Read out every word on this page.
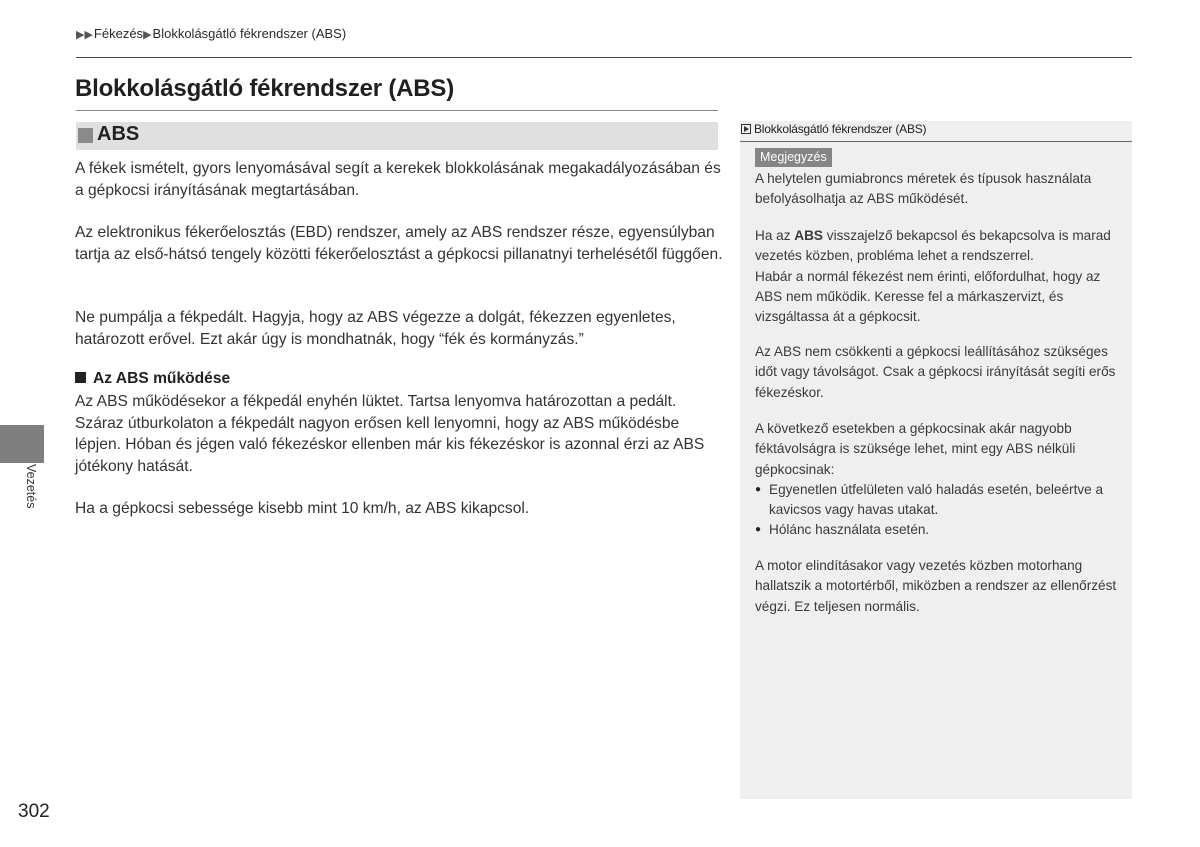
▶▶Fékezés▶Blokkolásgátló fékrendszer (ABS)
Blokkolásgátló fékrendszer (ABS)
ABS
A fékek ismételt, gyors lenyomásával segít a kerekek blokkolásának megakadályozásában és a gépkocsi irányításának megtartásában.
Az elektronikus fékerőelosztás (EBD) rendszer, amely az ABS rendszer része, egyensúlyban tartja az első-hátsó tengely közötti fékerőelosztást a gépkocsi pillanatnyi terhelésétől függően.
Ne pumpálja a fékpedált. Hagyja, hogy az ABS végezze a dolgát, fékezzen egyenletes, határozott erővel. Ezt akár úgy is mondhatnák, hogy “fék és kormányzás.”
Az ABS működése
Az ABS működésekor a fékpedál enyhén lüktet. Tartsa lenyomva határozottan a pedált. Száraz útburkolaton a fékpedált nagyon erősen kell lenyomni, hogy az ABS működésbe lépjen. Hóban és jégen való fékezéskor ellenben már kis fékezéskor is azonnal érzi az ABS jótékony hatását.
Ha a gépkocsi sebessége kisebb mint 10 km/h, az ABS kikapcsol.
Vezetés
302
Blokkolásgátló fékrendszer (ABS)
Megjegyzés
A helytelen gumiabroncs méretek és típusok használata befolyásolhatja az ABS működését.

Ha az ABS visszajelző bekapcsol és bekapcsolva is marad vezetés közben, probléma lehet a rendszerrel.

Habár a normál fékezést nem érinti, előfordulhat, hogy az ABS nem működik. Keresse fel a márkaszervizt, és vizsgáltassa át a gépkocsit.

Az ABS nem csökkenti a gépkocsi leállításához szükséges időt vagy távolságot. Csak a gépkocsi irányítását segíti erős fékezéskor.

A következő esetekben a gépkocsinak akár nagyobb féktávolságra is szüksége lehet, mint egy ABS nélküli gépkocsinak:

● Egyenetlen útfelületen való haladás esetén, beleértve a kavicsos vagy havas utakat.

● Hólánc használata esetén.

A motor elindításakor vagy vezetés közben motorhang hallatszik a motortérből, miközben a rendszer az ellenőrzést végzi. Ez teljesen normális.
